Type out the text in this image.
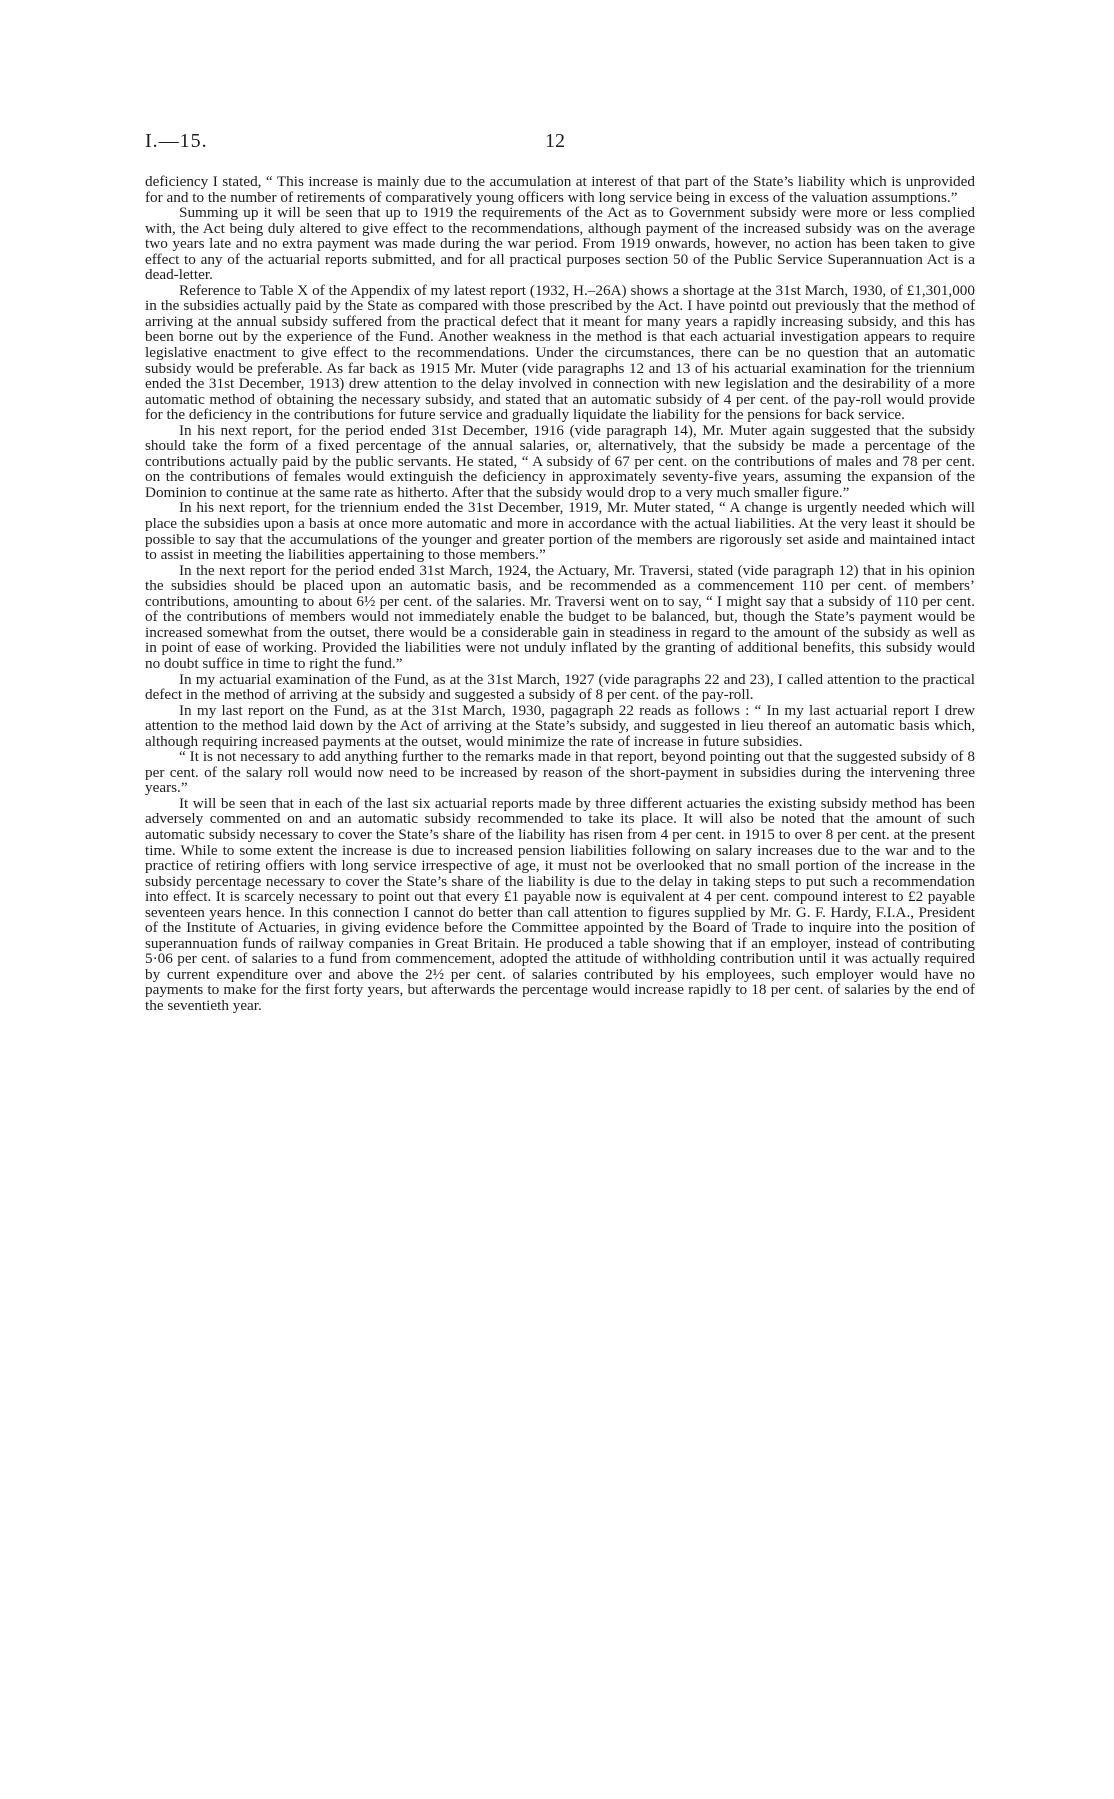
I.—15.	12

deficiency I stated, “ This increase is mainly due to the accumulation at interest of that part of the State’s liability which is unprovided for and to the number of retirements of comparatively young officers with long service being in excess of the valuation assumptions.”

Summing up it will be seen that up to 1919 the requirements of the Act as to Government subsidy were more or less complied with, the Act being duly altered to give effect to the recommendations, although payment of the increased subsidy was on the average two years late and no extra payment was made during the war period. From 1919 onwards, however, no action has been taken to give effect to any of the actuarial reports submitted, and for all practical purposes section 50 of the Public Service Superannuation Act is a dead-letter.

Reference to Table X of the Appendix of my latest report (1932, H.–26A) shows a shortage at the 31st March, 1930, of £1,301,000 in the subsidies actually paid by the State as compared with those prescribed by the Act. I have pointd out previously that the method of arriving at the annual subsidy suffered from the practical defect that it meant for many years a rapidly increasing subsidy, and this has been borne out by the experience of the Fund. Another weakness in the method is that each actuarial investigation appears to require legislative enactment to give effect to the recommendations. Under the circumstances, there can be no question that an automatic subsidy would be preferable. As far back as 1915 Mr. Muter (vide paragraphs 12 and 13 of his actuarial examination for the triennium ended the 31st December, 1913) drew attention to the delay involved in connection with new legislation and the desirability of a more automatic method of obtaining the necessary subsidy, and stated that an automatic subsidy of 4 per cent. of the pay-roll would provide for the deficiency in the contributions for future service and gradually liquidate the liability for the pensions for back service.

In his next report, for the period ended 31st December, 1916 (vide paragraph 14), Mr. Muter again suggested that the subsidy should take the form of a fixed percentage of the annual salaries, or, alternatively, that the subsidy be made a percentage of the contributions actually paid by the public servants. He stated, “ A subsidy of 67 per cent. on the contributions of males and 78 per cent. on the contributions of females would extinguish the deficiency in approximately seventy-five years, assuming the expansion of the Dominion to continue at the same rate as hitherto. After that the subsidy would drop to a very much smaller figure.”

In his next report, for the triennium ended the 31st December, 1919, Mr. Muter stated, “ A change is urgently needed which will place the subsidies upon a basis at once more automatic and more in accordance with the actual liabilities. At the very least it should be possible to say that the accumulations of the younger and greater portion of the members are rigorously set aside and maintained intact to assist in meeting the liabilities appertaining to those members.”

In the next report for the period ended 31st March, 1924, the Actuary, Mr. Traversi, stated (vide paragraph 12) that in his opinion the subsidies should be placed upon an automatic basis, and be recommended as a commencement 110 per cent. of members’ contributions, amounting to about 6½ per cent. of the salaries. Mr. Traversi went on to say, “ I might say that a subsidy of 110 per cent. of the contributions of members would not immediately enable the budget to be balanced, but, though the State’s payment would be increased somewhat from the outset, there would be a considerable gain in steadiness in regard to the amount of the subsidy as well as in point of ease of working. Provided the liabilities were not unduly inflated by the granting of additional benefits, this subsidy would no doubt suffice in time to right the fund.”

In my actuarial examination of the Fund, as at the 31st March, 1927 (vide paragraphs 22 and 23), I called attention to the practical defect in the method of arriving at the subsidy and suggested a subsidy of 8 per cent. of the pay-roll.

In my last report on the Fund, as at the 31st March, 1930, pagagraph 22 reads as follows : “ In my last actuarial report I drew attention to the method laid down by the Act of arriving at the State’s subsidy, and suggested in lieu thereof an automatic basis which, although requiring increased payments at the outset, would minimize the rate of increase in future subsidies.

“ It is not necessary to add anything further to the remarks made in that report, beyond pointing out that the suggested subsidy of 8 per cent. of the salary roll would now need to be increased by reason of the short-payment in subsidies during the intervening three years.”

It will be seen that in each of the last six actuarial reports made by three different actuaries the existing subsidy method has been adversely commented on and an automatic subsidy recommended to take its place. It will also be noted that the amount of such automatic subsidy necessary to cover the State’s share of the liability has risen from 4 per cent. in 1915 to over 8 per cent. at the present time. While to some extent the increase is due to increased pension liabilities following on salary increases due to the war and to the practice of retiring offiers with long service irrespective of age, it must not be overlooked that no small portion of the increase in the subsidy percentage necessary to cover the State’s share of the liability is due to the delay in taking steps to put such a recommendation into effect. It is scarcely necessary to point out that every £1 payable now is equivalent at 4 per cent. compound interest to £2 payable seventeen years hence. In this connection I cannot do better than call attention to figures supplied by Mr. G. F. Hardy, F.I.A., President of the Institute of Actuaries, in giving evidence before the Committee appointed by the Board of Trade to inquire into the position of superannuation funds of railway companies in Great Britain. He produced a table showing that if an employer, instead of contributing 5·06 per cent. of salaries to a fund from commencement, adopted the attitude of withholding contribution until it was actually required by current expenditure over and above the 2½ per cent. of salaries contributed by his employees, such employer would have no payments to make for the first forty years, but afterwards the percentage would increase rapidly to 18 per cent. of salaries by the end of the seventieth year.
